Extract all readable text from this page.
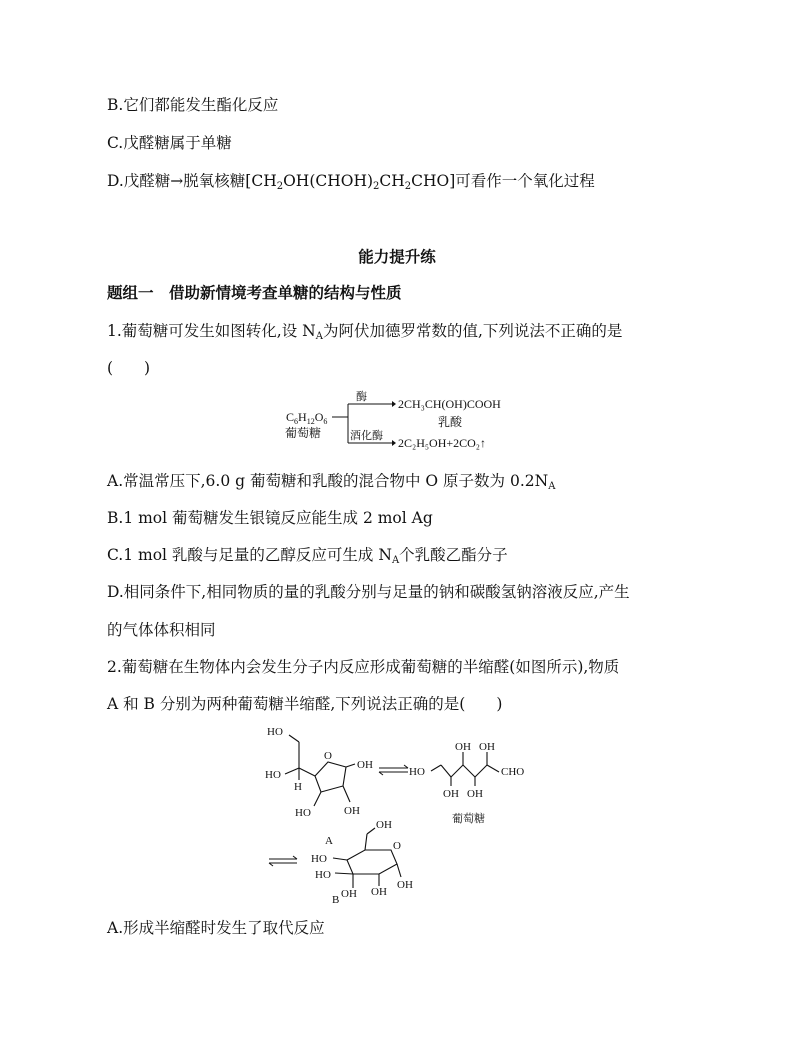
B.它们都能发生酯化反应
C.戊醛糖属于单糖
D.戊醛糖→脱氧核糖$[CH_2OH(CHOH)_2CH_2CHO]$可看作一个氧化过程
能力提升练
题组一　借助新情境考查单糖的结构与性质
1.葡萄糖可发生如图转化,设 $N_A$为阿伏加德罗常数的值,下列说法不正确的是
(　　)
$C_6H_{12}O_6$
葡萄糖
酶	2CH₃CH(OH)COOH
乳酸
酒化酶 2C₂H₅OH+2CO₂↑
A.常温常压下,6.0 g 葡萄糖和乳酸的混合物中 O 原子数为 $0.2N_A$
B.1 mol 葡萄糖发生银镜反应能生成 2 mol Ag
C.1 mol 乳酸与足量的乙醇反应可生成 $N_A$个乳酸乙酯分子
D.相同条件下,相同物质的量的乳酸分别与足量的钠和碳酸氢钠溶液反应,产生
的气体体积相同
2.葡萄糖在生物体内会发生分子内反应形成葡萄糖的半缩醛(如图所示),物质
A 和 B 分别为两种葡萄糖半缩醛,下列说法正确的是(　　)
HO
HO
H
O
OH
HO	OH
A
HO
OH OH
OH OH
CHO
葡萄糖
OH
O
HO
HO
OH OH
OH
B
A.形成半缩醛时发生了取代反应
